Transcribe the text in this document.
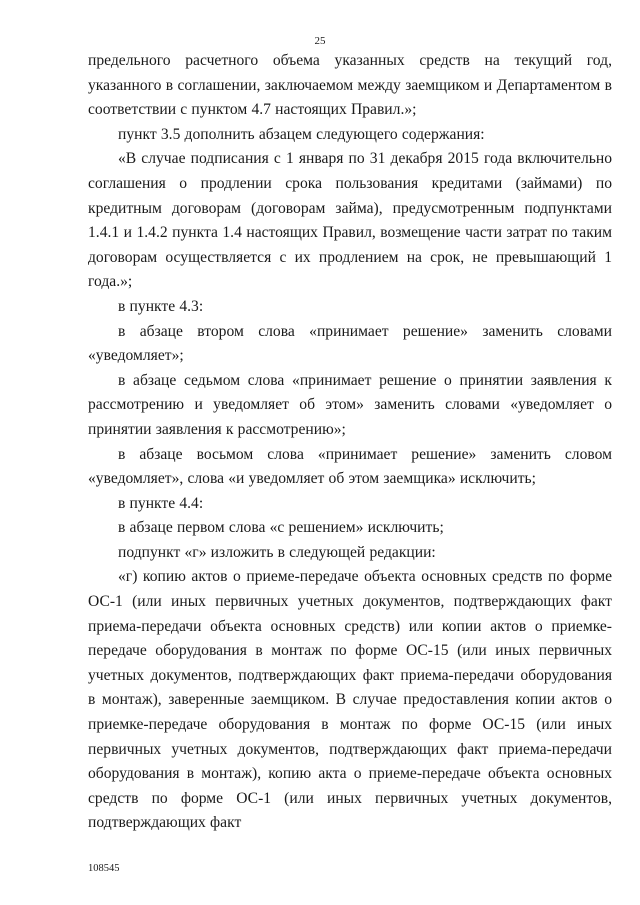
25

предельного расчетного объема указанных средств на текущий год, указанного в соглашении, заключаемом между заемщиком и Департаментом в соответствии с пунктом 4.7 настоящих Правил.»;

пункт 3.5 дополнить абзацем следующего содержания:

«В случае подписания с 1 января по 31 декабря 2015 года включительно соглашения о продлении срока пользования кредитами (займами) по кредитным договорам (договорам займа), предусмотренным подпунктами 1.4.1 и 1.4.2 пункта 1.4 настоящих Правил, возмещение части затрат по таким договорам осуществляется с их продлением на срок, не превышающий 1 года.»;

в пункте 4.3:

в абзаце втором слова «принимает решение» заменить словами «уведомляет»;

в абзаце седьмом слова «принимает решение о принятии заявления к рассмотрению и уведомляет об этом» заменить словами «уведомляет о принятии заявления к рассмотрению»;

в абзаце восьмом слова «принимает решение» заменить словом «уведомляет», слова «и уведомляет об этом заемщика» исключить;

в пункте 4.4:

в абзаце первом слова «с решением» исключить;

подпункт «г» изложить в следующей редакции:

«г) копию актов о приеме-передаче объекта основных средств по форме ОС-1 (или иных первичных учетных документов, подтверждающих факт приема-передачи объекта основных средств) или копии актов о приемке-передаче оборудования в монтаж по форме ОС-15 (или иных первичных учетных документов, подтверждающих факт приема-передачи оборудования в монтаж), заверенные заемщиком. В случае предоставления копии актов о приемке-передаче оборудования в монтаж по форме ОС-15 (или иных первичных учетных документов, подтверждающих факт приема-передачи оборудования в монтаж), копию акта о приеме-передаче объекта основных средств по форме ОС-1 (или иных первичных учетных документов, подтверждающих факт

108545
